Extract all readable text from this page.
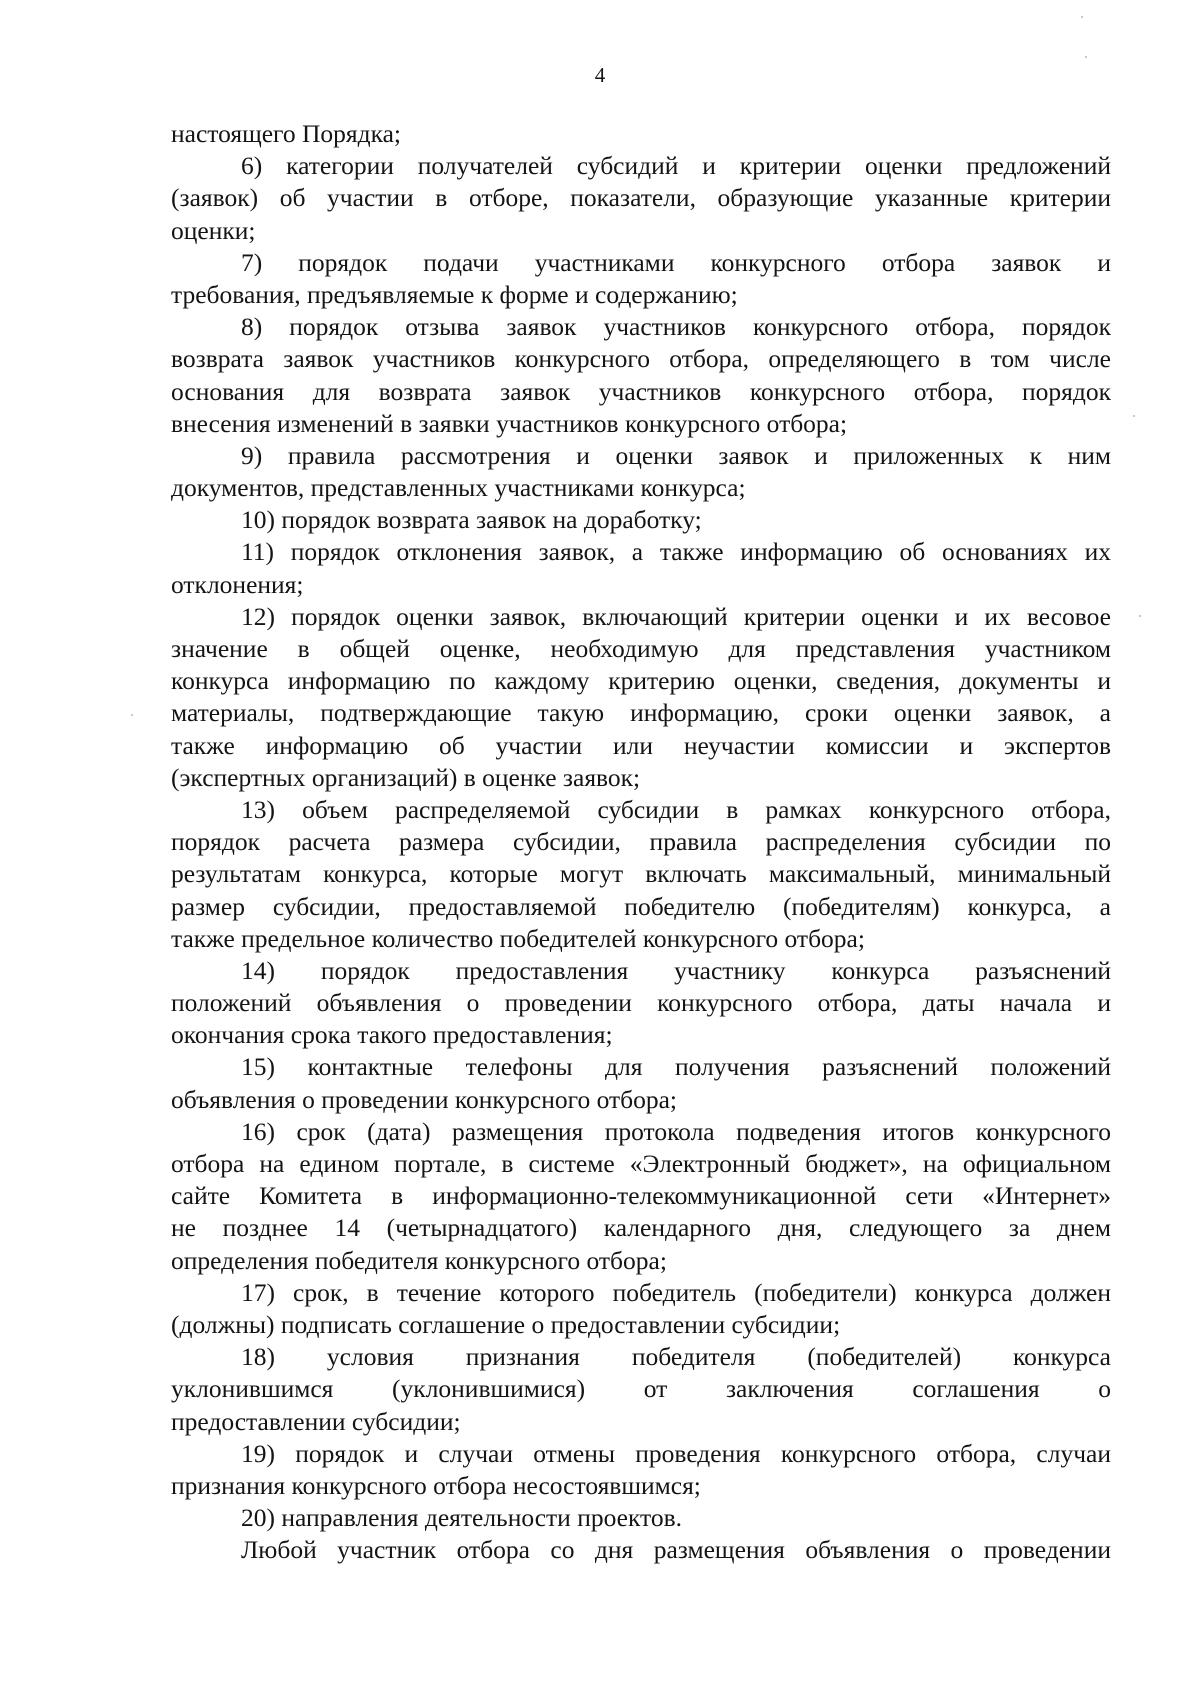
4
настоящего Порядка;
6) категории получателей субсидий и критерии оценки предложений
(заявок) об участии в отборе, показатели, образующие указанные критерии
оценки;
7) порядок подачи участниками конкурсного отбора заявок и
требования, предъявляемые к форме и содержанию;
8) порядок отзыва заявок участников конкурсного отбора, порядок
возврата заявок участников конкурсного отбора, определяющего в том числе
основания для возврата заявок участников конкурсного отбора, порядок
внесения изменений в заявки участников конкурсного отбора;
9) правила рассмотрения и оценки заявок и приложенных к ним
документов, представленных участниками конкурса;
10) порядок возврата заявок на доработку;
11) порядок отклонения заявок, а также информацию об основаниях их
отклонения;
12) порядок оценки заявок, включающий критерии оценки и их весовое
значение в общей оценке, необходимую для представления участником
конкурса информацию по каждому критерию оценки, сведения, документы и
материалы, подтверждающие такую информацию, сроки оценки заявок, а
также информацию об участии или неучастии комиссии и экспертов
(экспертных организаций) в оценке заявок;
13) объем распределяемой субсидии в рамках конкурсного отбора,
порядок расчета размера субсидии, правила распределения субсидии по
результатам конкурса, которые могут включать максимальный, минимальный
размер субсидии, предоставляемой победителю (победителям) конкурса, а
также предельное количество победителей конкурсного отбора;
14) порядок предоставления участнику конкурса разъяснений
положений объявления о проведении конкурсного отбора, даты начала и
окончания срока такого предоставления;
15) контактные телефоны для получения разъяснений положений
объявления о проведении конкурсного отбора;
16) срок (дата) размещения протокола подведения итогов конкурсного
отбора на едином портале, в системе «Электронный бюджет», на официальном
сайте Комитета в информационно-телекоммуникационной сети «Интернет»
не позднее 14 (четырнадцатого) календарного дня, следующего за днем
определения победителя конкурсного отбора;
17) срок, в течение которого победитель (победители) конкурса должен
(должны) подписать соглашение о предоставлении субсидии;
18) условия признания победителя (победителей) конкурса
уклонившимся (уклонившимися) от заключения соглашения о
предоставлении субсидии;
19) порядок и случаи отмены проведения конкурсного отбора, случаи
признания конкурсного отбора несостоявшимся;
20) направления деятельности проектов.
Любой участник отбора со дня размещения объявления о проведении
